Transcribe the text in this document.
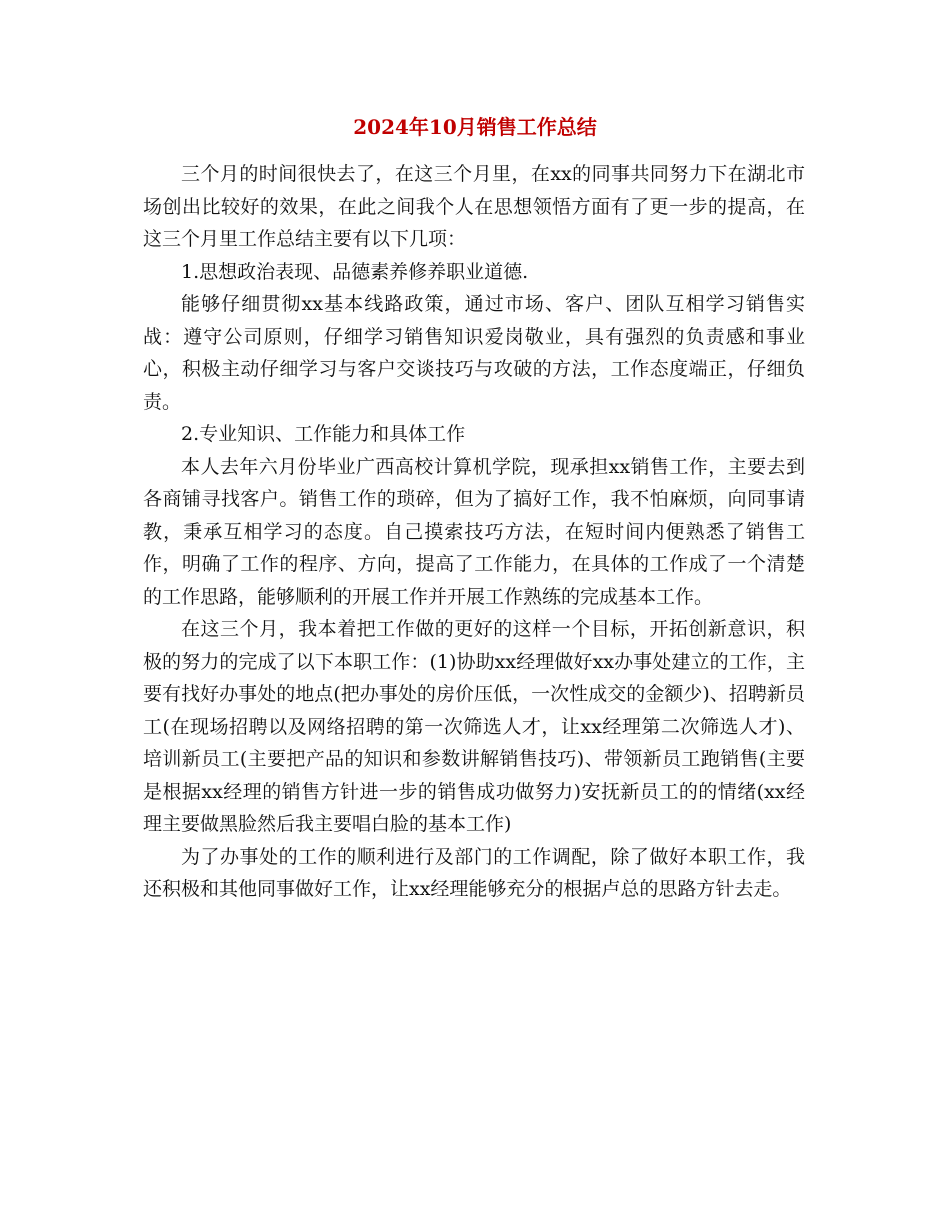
2024年10月销售工作总结

三个月的时间很快去了，在这三个月里，在xx的同事共同努力下在湖北市场创出比较好的效果，在此之间我个人在思想领悟方面有了更一步的提高，在这三个月里工作总结主要有以下几项：

1.思想政治表现、品德素养修养职业道德.

能够仔细贯彻xx基本线路政策，通过市场、客户、团队互相学习销售实战：遵守公司原则，仔细学习销售知识爱岗敬业，具有强烈的负责感和事业心，积极主动仔细学习与客户交谈技巧与攻破的方法，工作态度端正，仔细负责。

2.专业知识、工作能力和具体工作

本人去年六月份毕业广西高校计算机学院，现承担xx销售工作，主要去到各商铺寻找客户。销售工作的琐碎，但为了搞好工作，我不怕麻烦，向同事请教，秉承互相学习的态度。自己摸索技巧方法，在短时间内便熟悉了销售工作，明确了工作的程序、方向，提高了工作能力，在具体的工作成了一个清楚的工作思路，能够顺利的开展工作并开展工作熟练的完成基本工作。

在这三个月，我本着把工作做的更好的这样一个目标，开拓创新意识，积极的努力的完成了以下本职工作：(1)协助xx经理做好xx办事处建立的工作，主要有找好办事处的地点(把办事处的房价压低，一次性成交的金额少)、招聘新员工(在现场招聘以及网络招聘的第一次筛选人才，让xx经理第二次筛选人才)、培训新员工(主要把产品的知识和参数讲解销售技巧)、带领新员工跑销售(主要是根据xx经理的销售方针进一步的销售成功做努力)安抚新员工的的情绪(xx经理主要做黑脸然后我主要唱白脸的基本工作)

为了办事处的工作的顺利进行及部门的工作调配，除了做好本职工作，我还积极和其他同事做好工作，让xx经理能够充分的根据卢总的思路方针去走。
